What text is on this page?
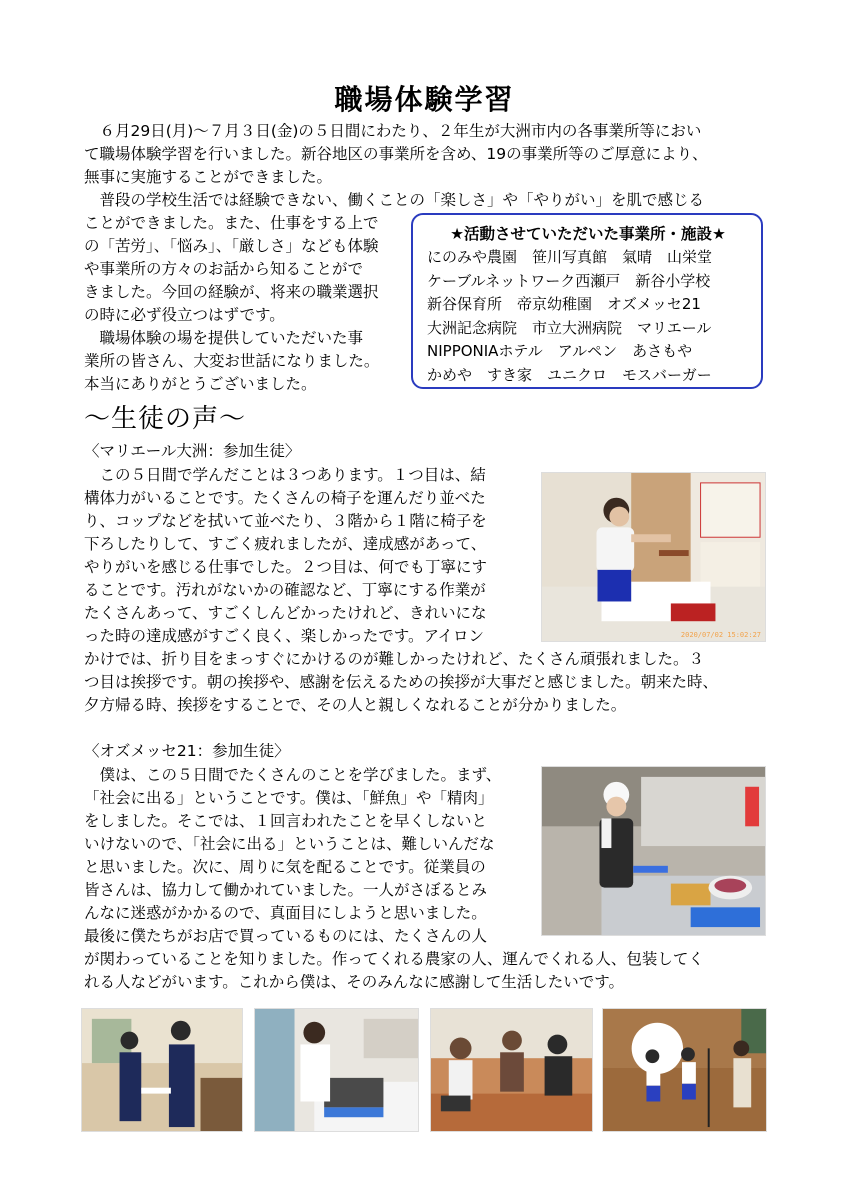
職場体験学習

　６月29日(月)～７月３日(金)の５日間にわたり、２年生が大洲市内の各事業所等におい

て職場体験学習を行いました。新谷地区の事業所を含め、19の事業所等のご厚意により、

無事に実施することができました。

　普段の学校生活では経験できない、働くことの「楽しさ」や「やりがい」を肌で感じる

ことができました。また、仕事をする上で

の「苦労」、「悩み」、「厳しさ」なども体験

や事業所の方々のお話から知ることがで

きました。今回の経験が、将来の職業選択

の時に必ず役立つはずです。

　職場体験の場を提供していただいた事

業所の皆さん、大変お世話になりました。

本当にありがとうございました。

★活動させていただいた事業所・施設★
にのみや農園　笹川写真館　氣晴　山栄堂
ケーブルネットワーク西瀬戸　新谷小学校
新谷保育所　帝京幼稚園　オズメッセ21
大洲記念病院　市立大洲病院　マリエール
NIPPONIAホテル　アルペン　あさもや
かめや　すき家　ユニクロ　モスバーガー
～生徒の声～
〈マリエール大洲：参加生徒〉

　この５日間で学んだことは３つあります。１つ目は、結

構体力がいることです。たくさんの椅子を運んだり並べた

り、コップなどを拭いて並べたり、３階から１階に椅子を

下ろしたりして、すごく疲れましたが、達成感があって、

やりがいを感じる仕事でした。２つ目は、何でも丁寧にす

ることです。汚れがないかの確認など、丁寧にする作業が

たくさんあって、すごくしんどかったけれど、きれいにな

った時の達成感がすごく良く、楽しかったです。アイロン

かけでは、折り目をまっすぐにかけるのが難しかったけれど、たくさん頑張れました。３

つ目は挨拶です。朝の挨拶や、感謝を伝えるための挨拶が大事だと感じました。朝来た時、

夕方帰る時、挨拶をすることで、その人と親しくなれることが分かりました。

2020/07/02 15:02:27
〈オズメッセ21：参加生徒〉

　僕は、この５日間でたくさんのことを学びました。まず、

「社会に出る」ということです。僕は、「鮮魚」や「精肉」

をしました。そこでは、１回言われたことを早くしないと

いけないので、「社会に出る」ということは、難しいんだな

と思いました。次に、周りに気を配ることです。従業員の

皆さんは、協力して働かれていました。一人がさぼるとみ

んなに迷惑がかかるので、真面目にしようと思いました。

最後に僕たちがお店で買っているものには、たくさんの人

が関わっていることを知りました。作ってくれる農家の人、運んでくれる人、包装してく

れる人などがいます。これから僕は、そのみんなに感謝して生活したいです。
